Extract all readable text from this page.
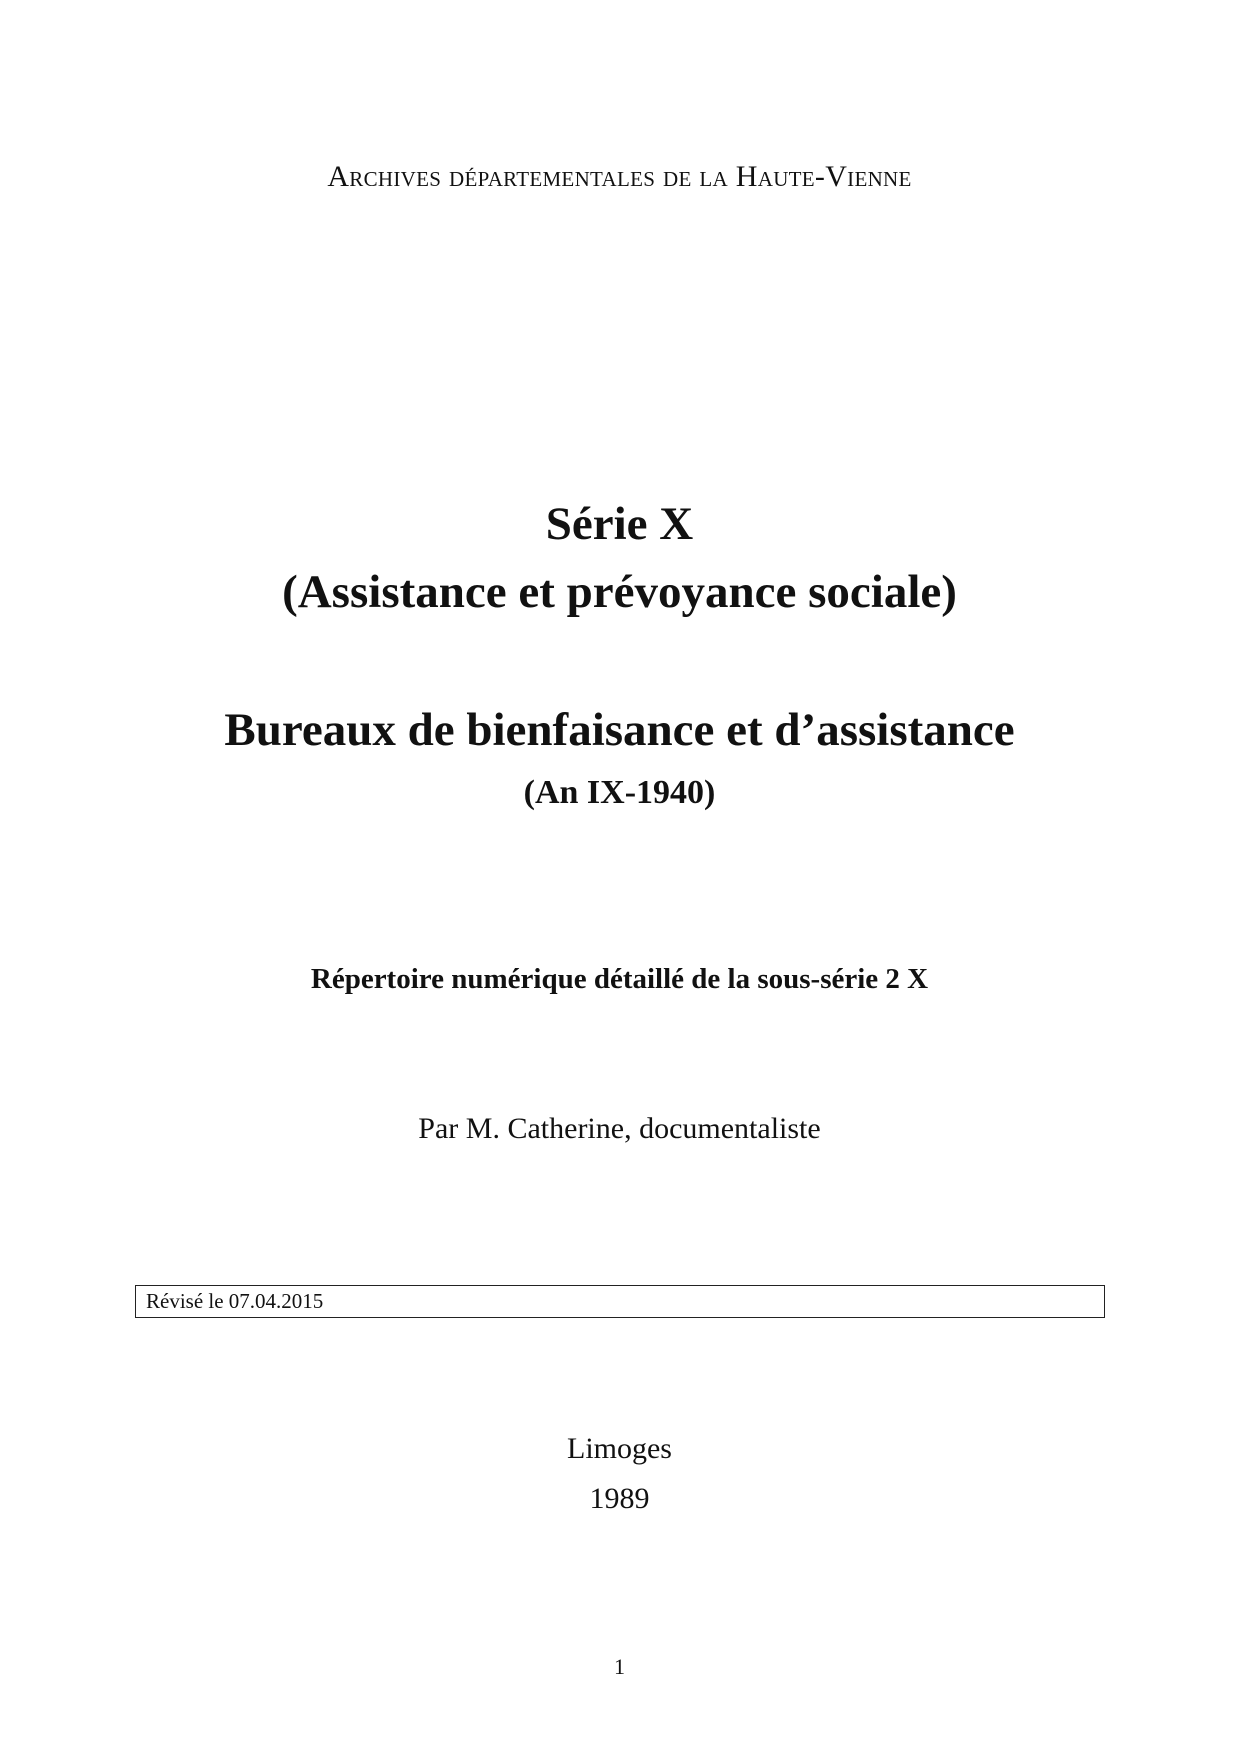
Archives départementales de la Haute-Vienne
Série X
(Assistance et prévoyance sociale)
Bureaux de bienfaisance et d’assistance
(An IX-1940)
Répertoire numérique détaillé de la sous-série 2 X
Par M. Catherine, documentaliste
Révisé le 07.04.2015
Limoges
1989
1
